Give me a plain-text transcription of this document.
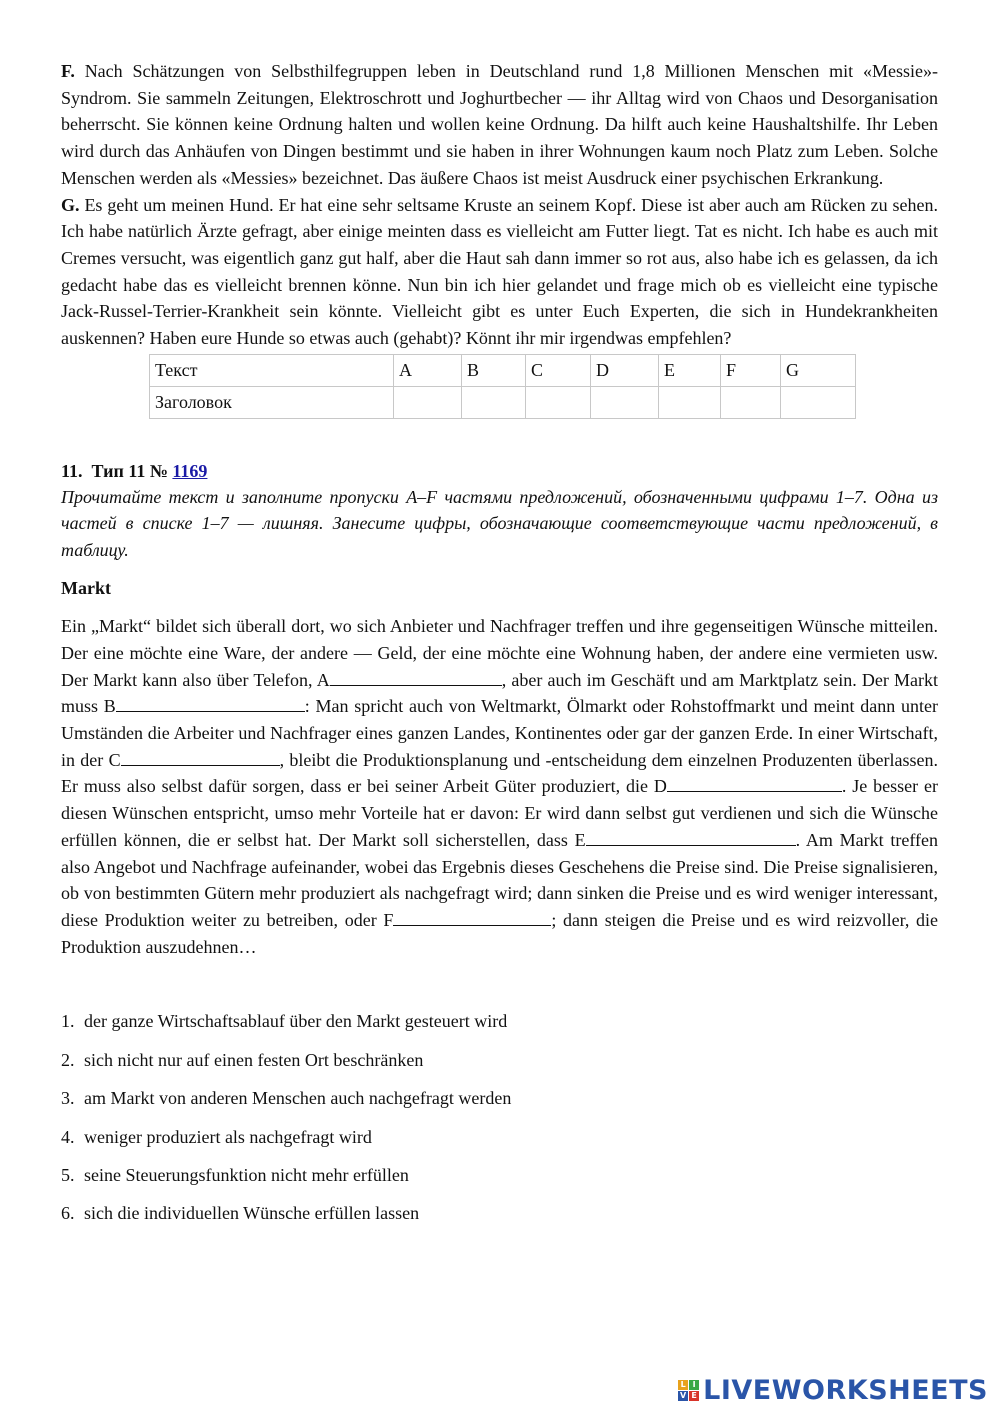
F. Nach Schätzungen von Selbsthilfegruppen leben in Deutschland rund 1,8 Millionen Menschen mit «Messie»-Syndrom. Sie sammeln Zeitungen, Elektroschrott und Joghurtbecher — ihr Alltag wird von Chaos und Desorganisation beherrscht. Sie können keine Ordnung halten und wollen keine Ordnung. Da hilft auch keine Haushaltshilfe. Ihr Leben wird durch das Anhäufen von Dingen bestimmt und sie haben in ihrer Wohnungen kaum noch Platz zum Leben. Solche Menschen werden als «Messies» bezeichnet. Das äußere Chaos ist meist Ausdruck einer psychischen Erkrankung.

G. Es geht um meinen Hund. Er hat eine sehr seltsame Kruste an seinem Kopf. Diese ist aber auch am Rücken zu sehen. Ich habe natürlich Ärzte gefragt, aber einige meinten dass es vielleicht am Futter liegt. Tat es nicht. Ich habe es auch mit Cremes versucht, was eigentlich ganz gut half, aber die Haut sah dann immer so rot aus, also habe ich es gelassen, da ich gedacht habe das es vielleicht brennen könne. Nun bin ich hier gelandet und frage mich ob es vielleicht eine typische Jack-Russel-Terrier-Krankheit sein könnte. Vielleicht gibt es unter Euch Experten, die sich in Hundekrankheiten auskennen? Haben eure Hunde so etwas auch (gehabt)? Könnt ihr mir irgendwas empfehlen?

Текст	A	B	C	D	E	F	G
Заголовок							
11. Тип 11 № 1169

Прочитайте текст и заполните пропуски A–F частями предложений, обозначенными цифрами 1–7. Одна из частей в списке 1–7 — лишняя. Занесите цифры, обозначающие соответствующие части предложений, в таблицу.

Markt

Ein „Markt“ bildet sich überall dort, wo sich Anbieter und Nachfrager treffen und ihre gegenseitigen Wünsche mitteilen. Der eine möchte eine Ware, der andere — Geld, der eine möchte eine Wohnung haben, der andere eine vermieten usw. Der Markt kann also über Telefon, A	, aber auch im Geschäft und am Marktplatz sein. Der Markt muss B	: Man spricht auch von Weltmarkt, Ölmarkt oder Rohstoffmarkt und meint dann unter Umständen die Arbeiter und Nachfrager eines ganzen Landes, Kontinentes oder gar der ganzen Erde. In einer Wirtschaft, in der C	, bleibt die Produktionsplanung und -entscheidung dem einzelnen Produzenten überlassen. Er muss also selbst dafür sorgen, dass er bei seiner Arbeit Güter produziert, die D	. Je besser er diesen Wünschen entspricht, umso mehr Vorteile hat er davon: Er wird dann selbst gut verdienen und sich die Wünsche erfüllen können, die er selbst hat. Der Markt soll sicherstellen, dass E	. Am Markt treffen also Angebot und Nachfrage aufeinander, wobei das Ergebnis dieses Geschehens die Preise sind. Die Preise signalisieren, ob von bestimmten Gütern mehr produziert als nachgefragt wird; dann sinken die Preise und es wird weniger interessant, diese Produktion weiter zu betreiben, oder F	; dann steigen die Preise und es wird reizvoller, die Produktion auszudehnen…

1. der ganze Wirtschaftsablauf über den Markt gesteuert wird
2. sich nicht nur auf einen festen Ort beschränken
3. am Markt von anderen Menschen auch nachgefragt werden
4. weniger produziert als nachgefragt wird
5. seine Steuerungsfunktion nicht mehr erfüllen
6. sich die individuellen Wünsche erfüllen lassen
L I
V E LIVEWORKSHEETS
